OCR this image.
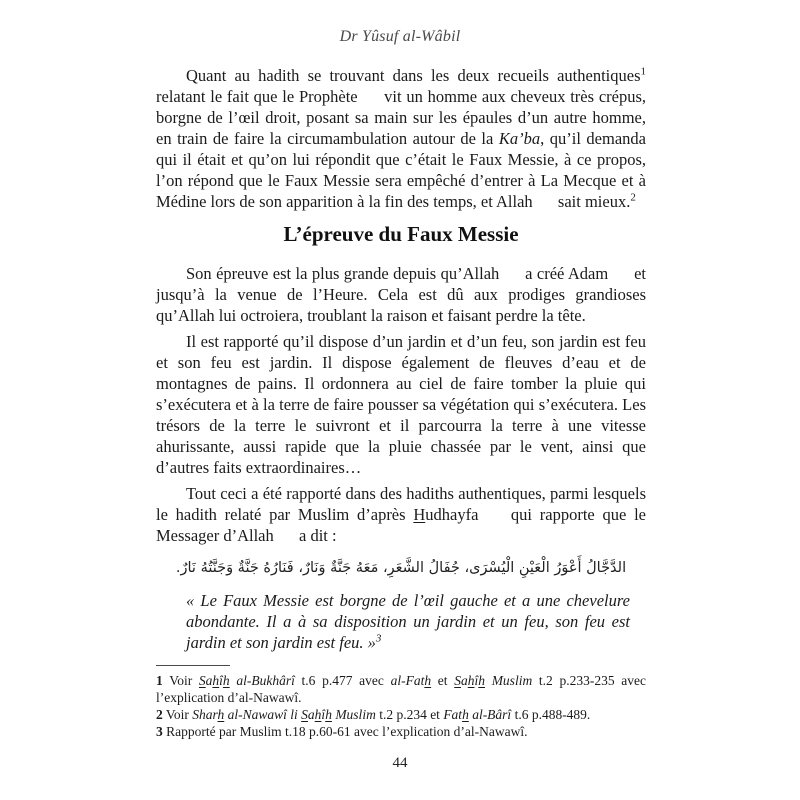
Dr Yûsuf al-Wâbil

Quant au hadith se trouvant dans les deux recueils authentiques$^1$ relatant le fait que le Prophète  vit un homme aux cheveux très crépus, borgne de l’œil droit, posant sa main sur les épaules d’un autre homme, en train de faire la circumambulation autour de la Ka’ba, qu’il demanda qui il était et qu’on lui répondit que c’était le Faux Messie, à ce propos, l’on répond que le Faux Messie sera empêché d’entrer à La Mecque et à Médine lors de son apparition à la fin des temps, et Allah  sait mieux.$^2$

L’épreuve du Faux Messie

Son épreuve est la plus grande depuis qu’Allah  a créé Adam  et jusqu’à la venue de l’Heure. Cela est dû aux prodiges grandioses qu’Allah lui octroiera, troublant la raison et faisant perdre la tête.

Il est rapporté qu’il dispose d’un jardin et d’un feu, son jardin est feu et son feu est jardin. Il dispose également de fleuves d’eau et de montagnes de pains. Il ordonnera au ciel de faire tomber la pluie qui s’exécutera et à la terre de faire pousser sa végétation qui s’exécutera. Les trésors de la terre le suivront et il parcourra la terre à une vitesse ahurissante, aussi rapide que la pluie chassée par le vent, ainsi que d’autres faits extraordinaires…

Tout ceci a été rapporté dans des hadiths authentiques, parmi lesquels le hadith relaté par Muslim d’après Hudhayfa  qui rapporte que le Messager d’Allah  a dit :

الدَّجَّالُ أَعْوَرُ الْعَيْنِ الْيُسْرَى، جُفَالُ الشَّعَرِ، مَعَهُ جَنَّةٌ وَنَارٌ، فَنَارُهُ جَنَّةٌ وَجَنَّتُهُ نَارٌ.

« Le Faux Messie est borgne de l’œil gauche et a une chevelure abondante. Il a à sa disposition un jardin et un feu, son feu est jardin et son jardin est feu. »$^3$

1 Voir Sahîh al-Bukhârî t.6 p.477 avec al-Fath et Sahîh Muslim t.2 p.233-235 avec l’explication d’al-Nawawî.

2 Voir Sharh al-Nawawî li Sahîh Muslim t.2 p.234 et Fath al-Bârî t.6 p.488-489.

3 Rapporté par Muslim t.18 p.60-61 avec l’explication d’al-Nawawî.

44
